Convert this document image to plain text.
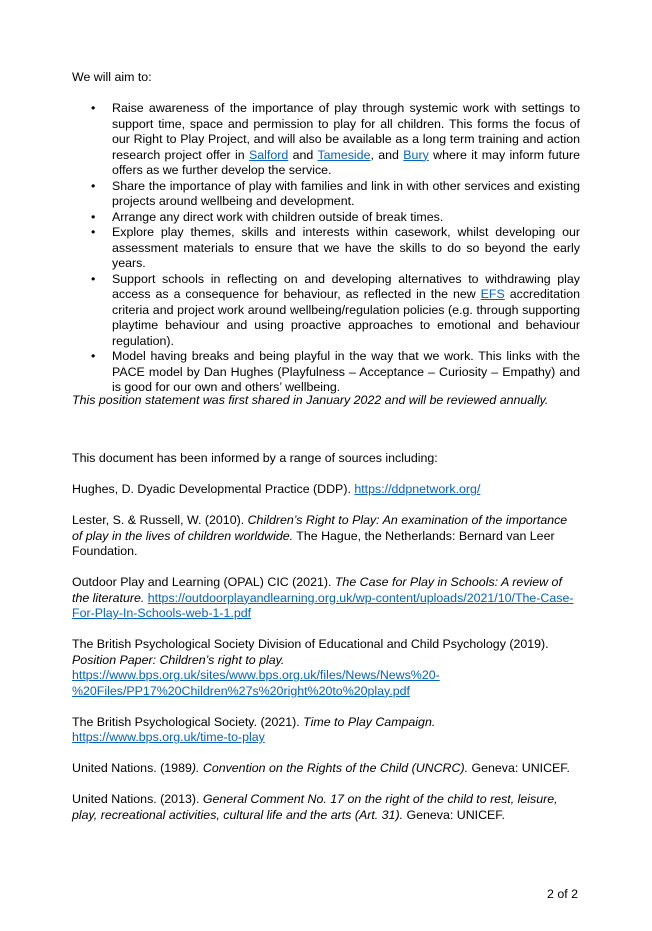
We will aim to:
• Raise awareness of the importance of play through systemic work with settings to support time, space and permission to play for all children. This forms the focus of our Right to Play Project, and will also be available as a long term training and action research project offer in Salford and Tameside, and Bury where it may inform future offers as we further develop the service.
• Share the importance of play with families and link in with other services and existing projects around wellbeing and development.
• Arrange any direct work with children outside of break times.
• Explore play themes, skills and interests within casework, whilst developing our assessment materials to ensure that we have the skills to do so beyond the early years.
• Support schools in reflecting on and developing alternatives to withdrawing play access as a consequence for behaviour, as reflected in the new EFS accreditation criteria and project work around wellbeing/regulation policies (e.g. through supporting playtime behaviour and using proactive approaches to emotional and behaviour regulation).
• Model having breaks and being playful in the way that we work. This links with the PACE model by Dan Hughes (Playfulness – Acceptance – Curiosity – Empathy) and is good for our own and others’ wellbeing.
This position statement was first shared in January 2022 and will be reviewed annually.
This document has been informed by a range of sources including:

Hughes, D. Dyadic Developmental Practice (DDP). https://ddpnetwork.org/

Lester, S. & Russell, W. (2010). Children’s Right to Play: An examination of the importance of play in the lives of children worldwide. The Hague, the Netherlands: Bernard van Leer Foundation.

Outdoor Play and Learning (OPAL) CIC (2021). The Case for Play in Schools: A review of the literature. https://outdoorplayandlearning.org.uk/wp-content/uploads/2021/10/The-Case-For-Play-In-Schools-web-1-1.pdf

The British Psychological Society Division of Educational and Child Psychology (2019). Position Paper: Children’s right to play. https://www.bps.org.uk/sites/www.bps.org.uk/files/News/News%20-%20Files/PP17%20Children%27s%20right%20to%20play.pdf

The British Psychological Society. (2021). Time to Play Campaign. https://www.bps.org.uk/time-to-play

United Nations. (1989). Convention on the Rights of the Child (UNCRC). Geneva: UNICEF.

United Nations. (2013). General Comment No. 17 on the right of the child to rest, leisure, play, recreational activities, cultural life and the arts (Art. 31). Geneva: UNICEF.

2 of 2
